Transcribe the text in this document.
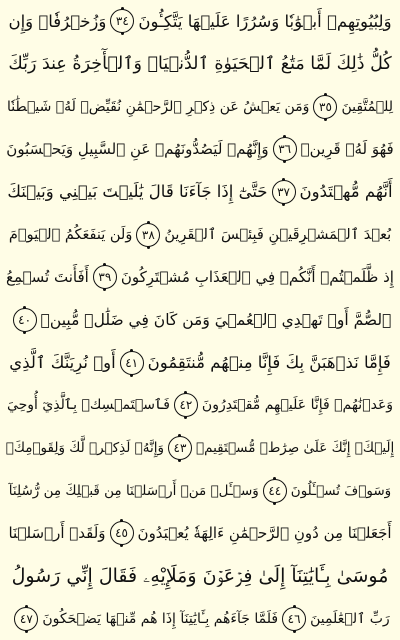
وَلِبُيُوتِهِمۡ أَبۡوَٰبٗا وَسُرُرًا عَلَيۡهَا يَتَّكِـُٔونَ
٣٤
وَزُخۡرُفٗاۚ وَإِن
كُلُّ ذَٰلِكَ لَمَّا مَتَٰعُ ٱلۡحَيَوٰةِ ٱلدُّنۡيَاۚ وَٱلۡأٓخِرَةُ عِندَ رَبِّكَ
لِلۡمُتَّقِينَ
٣٥
وَمَن يَعۡشُ عَن ذِكۡرِ ٱلرَّحۡمَٰنِ نُقَيِّضۡ لَهُۥ شَيۡطَٰنٗا
فَهُوَ لَهُۥ قَرِينٞ
٣٦
وَإِنَّهُمۡ لَيَصُدُّونَهُمۡ عَنِ ٱلسَّبِيلِ وَيَحۡسَبُونَ
أَنَّهُم مُّهۡتَدُونَ
٣٧
حَتَّىٰٓ إِذَا جَآءَنَا قَالَ يَٰلَيۡتَ بَيۡنِي وَبَيۡنَكَ
بُعۡدَ ٱلۡمَشۡرِقَيۡنِ فَبِئۡسَ ٱلۡقَرِينُ
٣٨
وَلَن يَنفَعَكُمُ ٱلۡيَوۡمَ
إِذ ظَّلَمۡتُمۡ أَنَّكُمۡ فِي ٱلۡعَذَابِ مُشۡتَرِكُونَ
٣٩
أَفَأَنتَ تُسۡمِعُ
ٱلصُّمَّ أَوۡ تَهۡدِي ٱلۡعُمۡيَ وَمَن كَانَ فِي ضَلَٰلٖ مُّبِينٖ
٤٠
فَإِمَّا نَذۡهَبَنَّ بِكَ فَإِنَّا مِنۡهُم مُّنتَقِمُونَ
٤١
أَوۡ نُرِيَنَّكَ ٱلَّذِي
وَعَدۡنَٰهُمۡ فَإِنَّا عَلَيۡهِم مُّقۡتَدِرُونَ
٤٢
فَٱسۡتَمۡسِكۡ بِٱلَّذِيٓ أُوحِيَ
إِلَيۡكَۖ إِنَّكَ عَلَىٰ صِرَٰطٖ مُّسۡتَقِيمٖ
٤٣
وَإِنَّهُۥ لَذِكۡرٞ لَّكَ وَلِقَوۡمِكَۖ
وَسَوۡفَ تُسۡـَٔلُونَ
٤٤
وَسۡـَٔلۡ مَنۡ أَرۡسَلۡنَا مِن قَبۡلِكَ مِن رُّسُلِنَآ
أَجَعَلۡنَا مِن دُونِ ٱلرَّحۡمَٰنِ ءَالِهَةٗ يُعۡبَدُونَ
٤٥
وَلَقَدۡ أَرۡسَلۡنَا
مُوسَىٰ بِـَٔايَٰتِنَآ إِلَىٰ فِرۡعَوۡنَ وَمَلَإِيْهِۦ فَقَالَ إِنِّي رَسُولُ
رَبِّ ٱلۡعَٰلَمِينَ
٤٦
فَلَمَّا جَآءَهُم بِـَٔايَٰتِنَآ إِذَا هُم مِّنۡهَا يَضۡحَكُونَ
٤٧
